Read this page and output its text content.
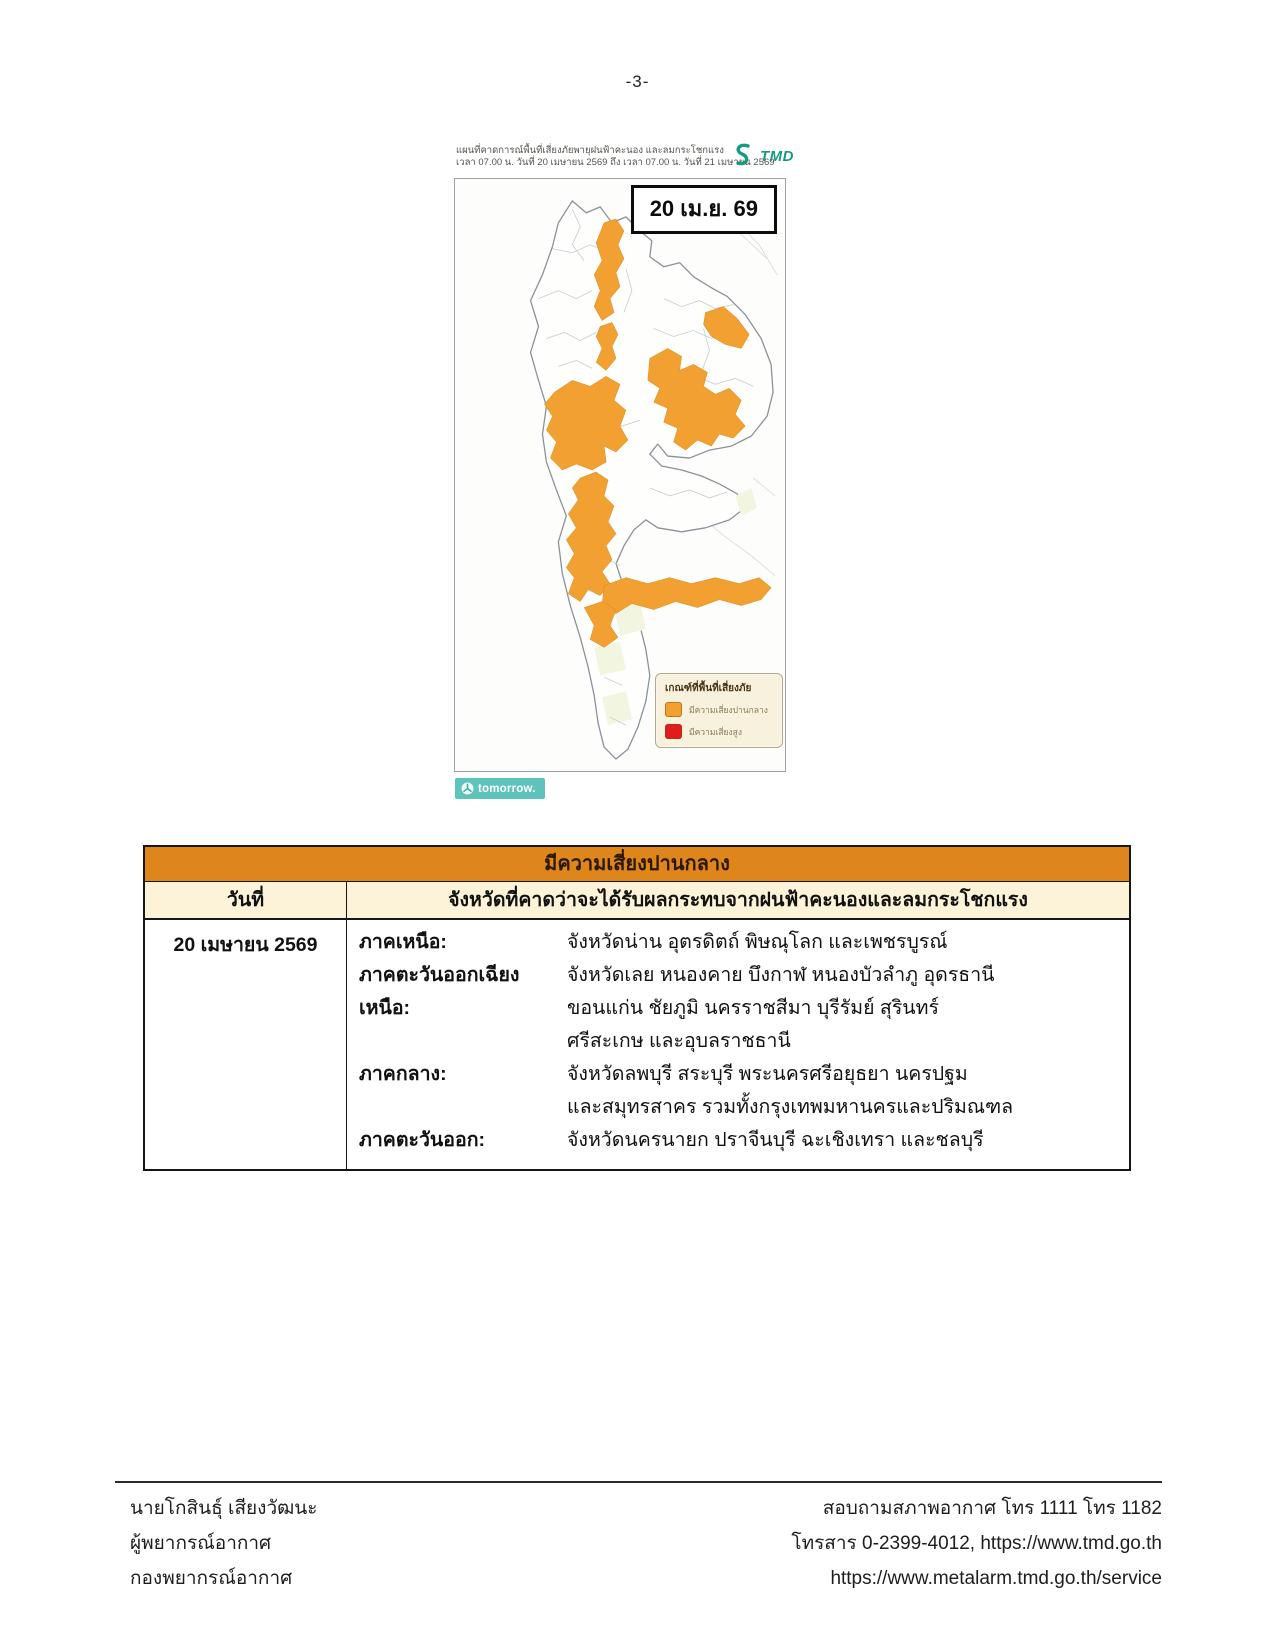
-3-
แผนที่คาดการณ์พื้นที่เสี่ยงภัยพายุฝนฟ้าคะนอง และลมกระโชกแรง
เวลา 07.00 น. วันที่ 20 เมษายน 2569 ถึง เวลา 07.00 น. วันที่ 21 เมษายน 2569
TMD
20 เม.ย. 69
เกณฑ์ที่พื้นที่เสี่ยงภัย
มีความเสี่ยงปานกลาง
มีความเสี่ยงสูง
tomorrow.
มีความเสี่ยงปานกลาง
วันที่	จังหวัดที่คาดว่าจะได้รับผลกระทบจากฝนฟ้าคะนองและลมกระโชกแรง
20 เมษายน 2569	ภาคเหนือ:	จังหวัดน่าน อุตรดิตถ์ พิษณุโลก และเพชรบูรณ์
ภาคตะวันออกเฉียงเหนือ:
จังหวัดเลย หนองคาย บึงกาฬ หนองบัวลำภู อุดรธานี
ขอนแก่น ชัยภูมิ นครราชสีมา บุรีรัมย์ สุรินทร์
ศรีสะเกษ และอุบลราชธานี
ภาคกลาง:	จังหวัดลพบุรี สระบุรี พระนครศรีอยุธยา นครปฐม
และสมุทรสาคร รวมทั้งกรุงเทพมหานครและปริมณฑล
ภาคตะวันออก:	จังหวัดนครนายก ปราจีนบุรี ฉะเชิงเทรา และชลบุรี
นายโกสินธุ์ เสียงวัฒนะ
ผู้พยากรณ์อากาศ
กองพยากรณ์อากาศ
สอบถามสภาพอากาศ โทร 1111 โทร 1182
โทรสาร 0-2399-4012, https://www.tmd.go.th
https://www.metalarm.tmd.go.th/service
